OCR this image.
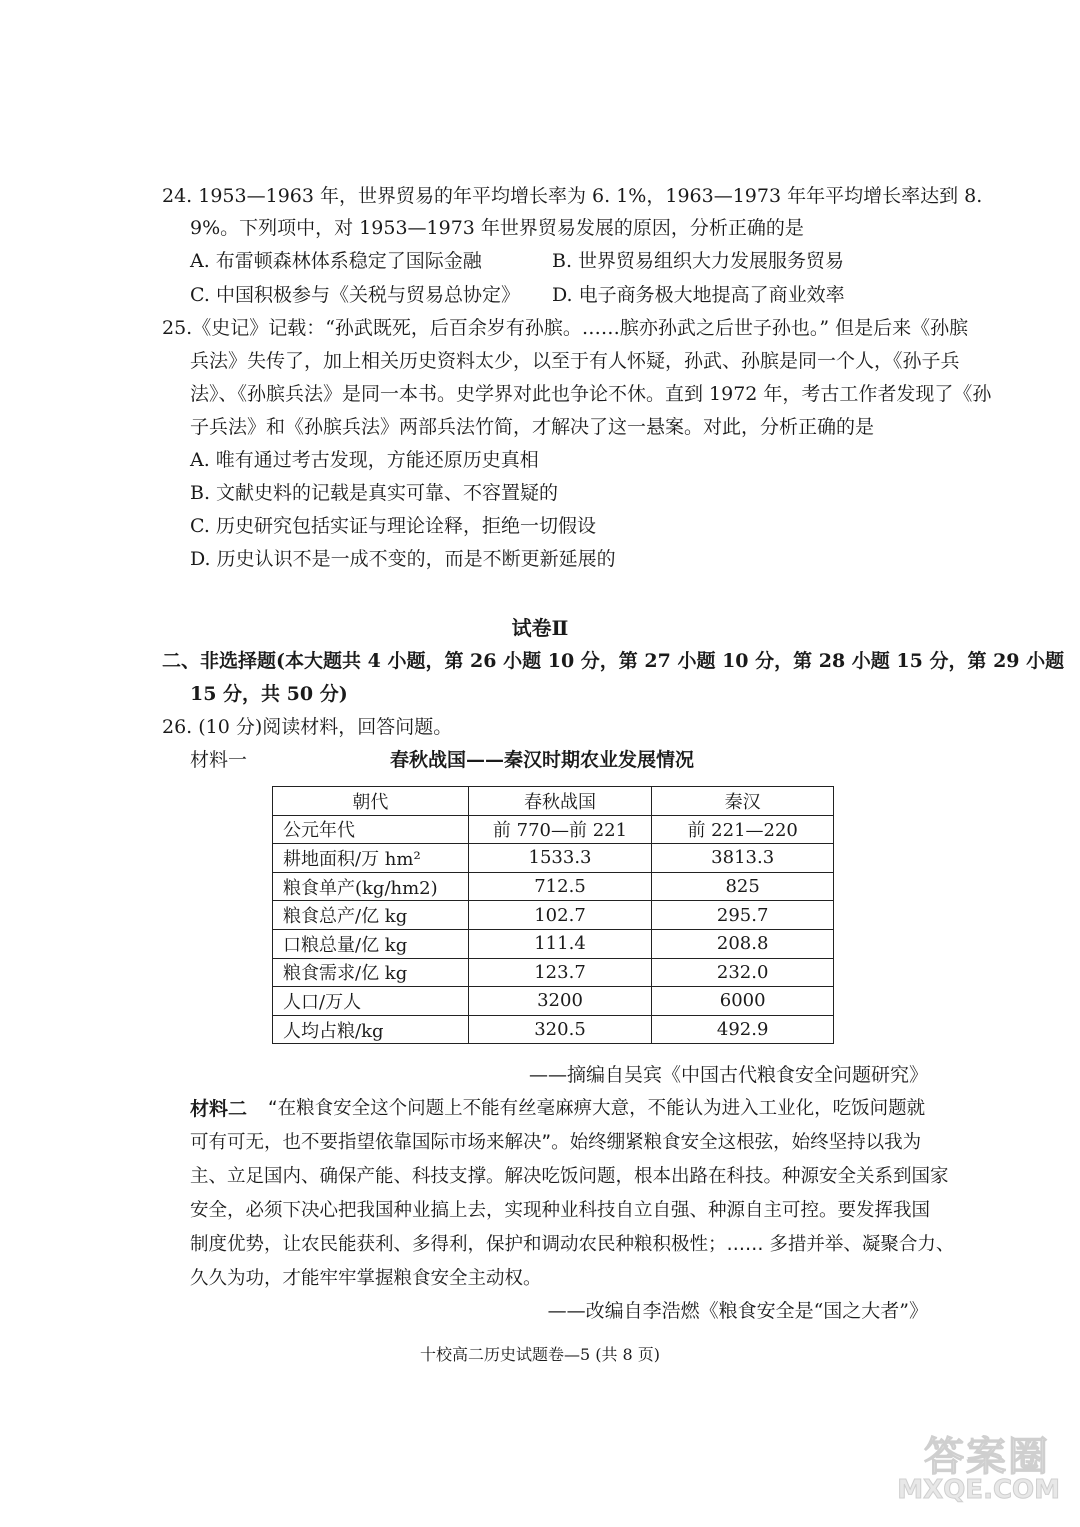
24. 1953—1963 年，世界贸易的年平均增长率为 6. 1%，1963—1973 年年平均增长率达到 8.
9%。下列项中，对 1953—1973 年世界贸易发展的原因，分析正确的是
A. 布雷顿森林体系稳定了国际金融	B. 世界贸易组织大力发展服务贸易
C. 中国积极参与《关税与贸易总协定》 D. 电子商务极大地提高了商业效率
25.《史记》记载：“孙武既死，后百余岁有孙膑。……膑亦孙武之后世子孙也。” 但是后来《孙膑
兵法》失传了，加上相关历史资料太少，以至于有人怀疑，孙武、孙膑是同一个人，《孙子兵
法》、《孙膑兵法》是同一本书。史学界对此也争论不休。直到 1972 年，考古工作者发现了《孙
子兵法》和《孙膑兵法》两部兵法竹简，才解决了这一悬案。对此，分析正确的是
A. 唯有通过考古发现，方能还原历史真相
B. 文献史料的记载是真实可靠、不容置疑的
C. 历史研究包括实证与理论诠释，拒绝一切假设
D. 历史认识不是一成不变的，而是不断更新延展的
试卷Ⅱ
二、非选择题(本大题共 4 小题，第 26 小题 10 分，第 27 小题 10 分，第 28 小题 15 分，第 29 小题
15 分，共 50 分)
26. (10 分)阅读材料，回答问题。
材料一	春秋战国——秦汉时期农业发展情况
朝代	春秋战国	秦汉
公元年代	前 770—前 221	前 221—220
耕地面积/万 hm²	1533.3	3813.3
粮食单产(kg/hm2)	712.5	825
粮食总产/亿 kg	102.7	295.7
口粮总量/亿 kg	111.4	208.8
粮食需求/亿 kg	123.7	232.0
人口/万人	3200	6000
人均占粮/kg	320.5	492.9
——摘编自吴宾《中国古代粮食安全问题研究》
材料二 “在粮食安全这个问题上不能有丝毫麻痹大意，不能认为进入工业化，吃饭问题就
可有可无，也不要指望依靠国际市场来解决”。始终绷紧粮食安全这根弦，始终坚持以我为
主、立足国内、确保产能、科技支撑。解决吃饭问题，根本出路在科技。种源安全关系到国家
安全，必须下决心把我国种业搞上去，实现种业科技自立自强、种源自主可控。要发挥我国
制度优势，让农民能获利、多得利，保护和调动农民种粮积极性；…… 多措并举、凝聚合力、
久久为功，才能牢牢掌握粮食安全主动权。
——改编自李浩燃《粮食安全是“国之大者”》
十校高二历史试题卷—5 (共 8 页)
答案圈
MXQE.COM
